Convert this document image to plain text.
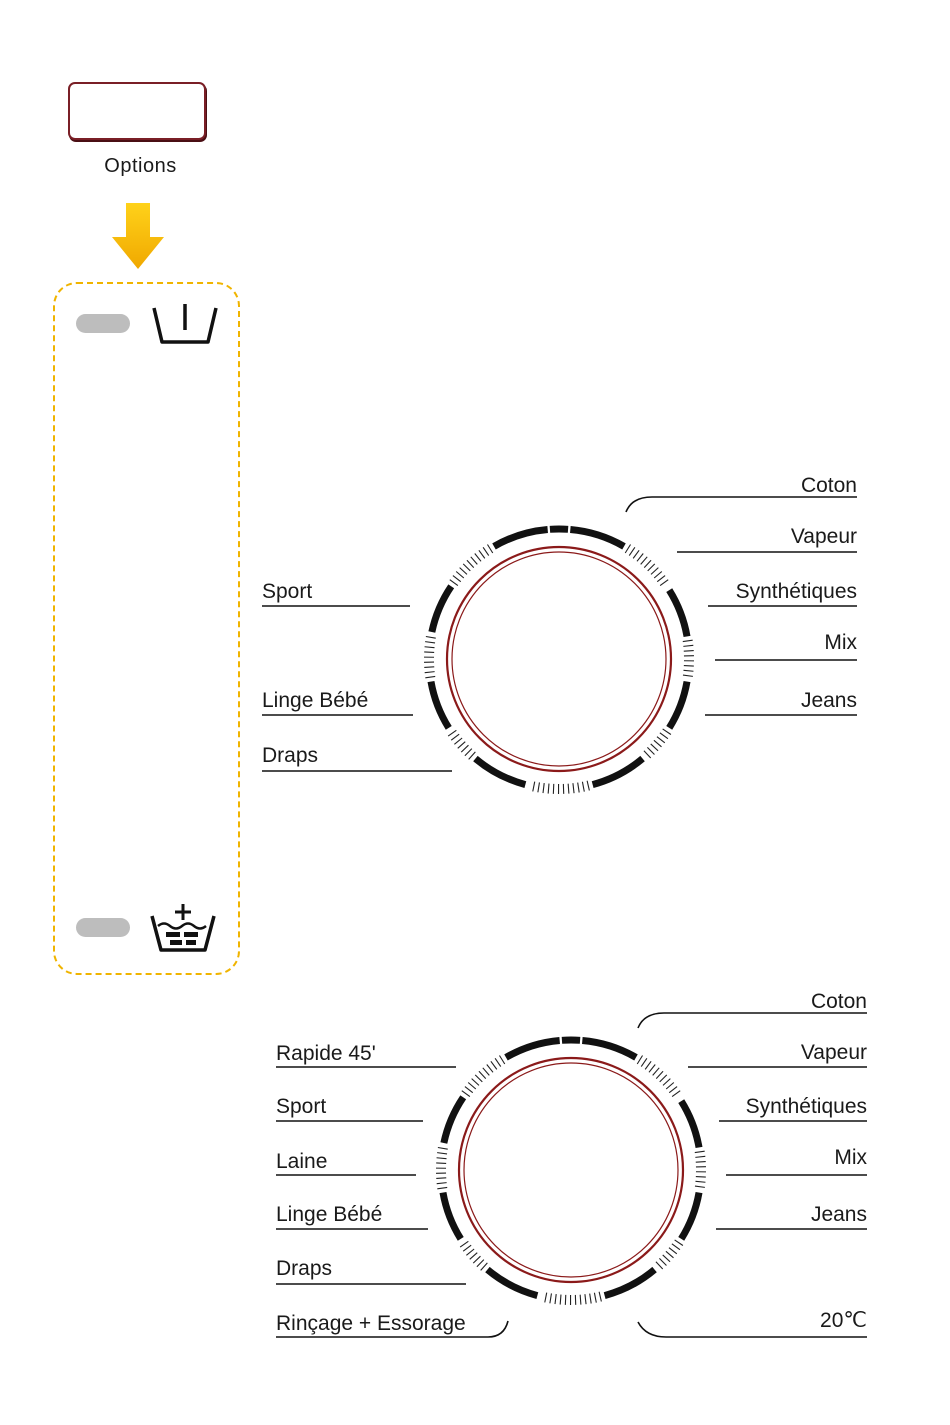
Options
Coton
Vapeur
Synthétiques
Mix
Jeans
Sport
Linge Bébé
Draps
Coton
Vapeur
Synthétiques
Mix
Jeans
20℃
Rapide 45'
Sport
Laine
Linge Bébé
Draps
Rinçage + Essorage
